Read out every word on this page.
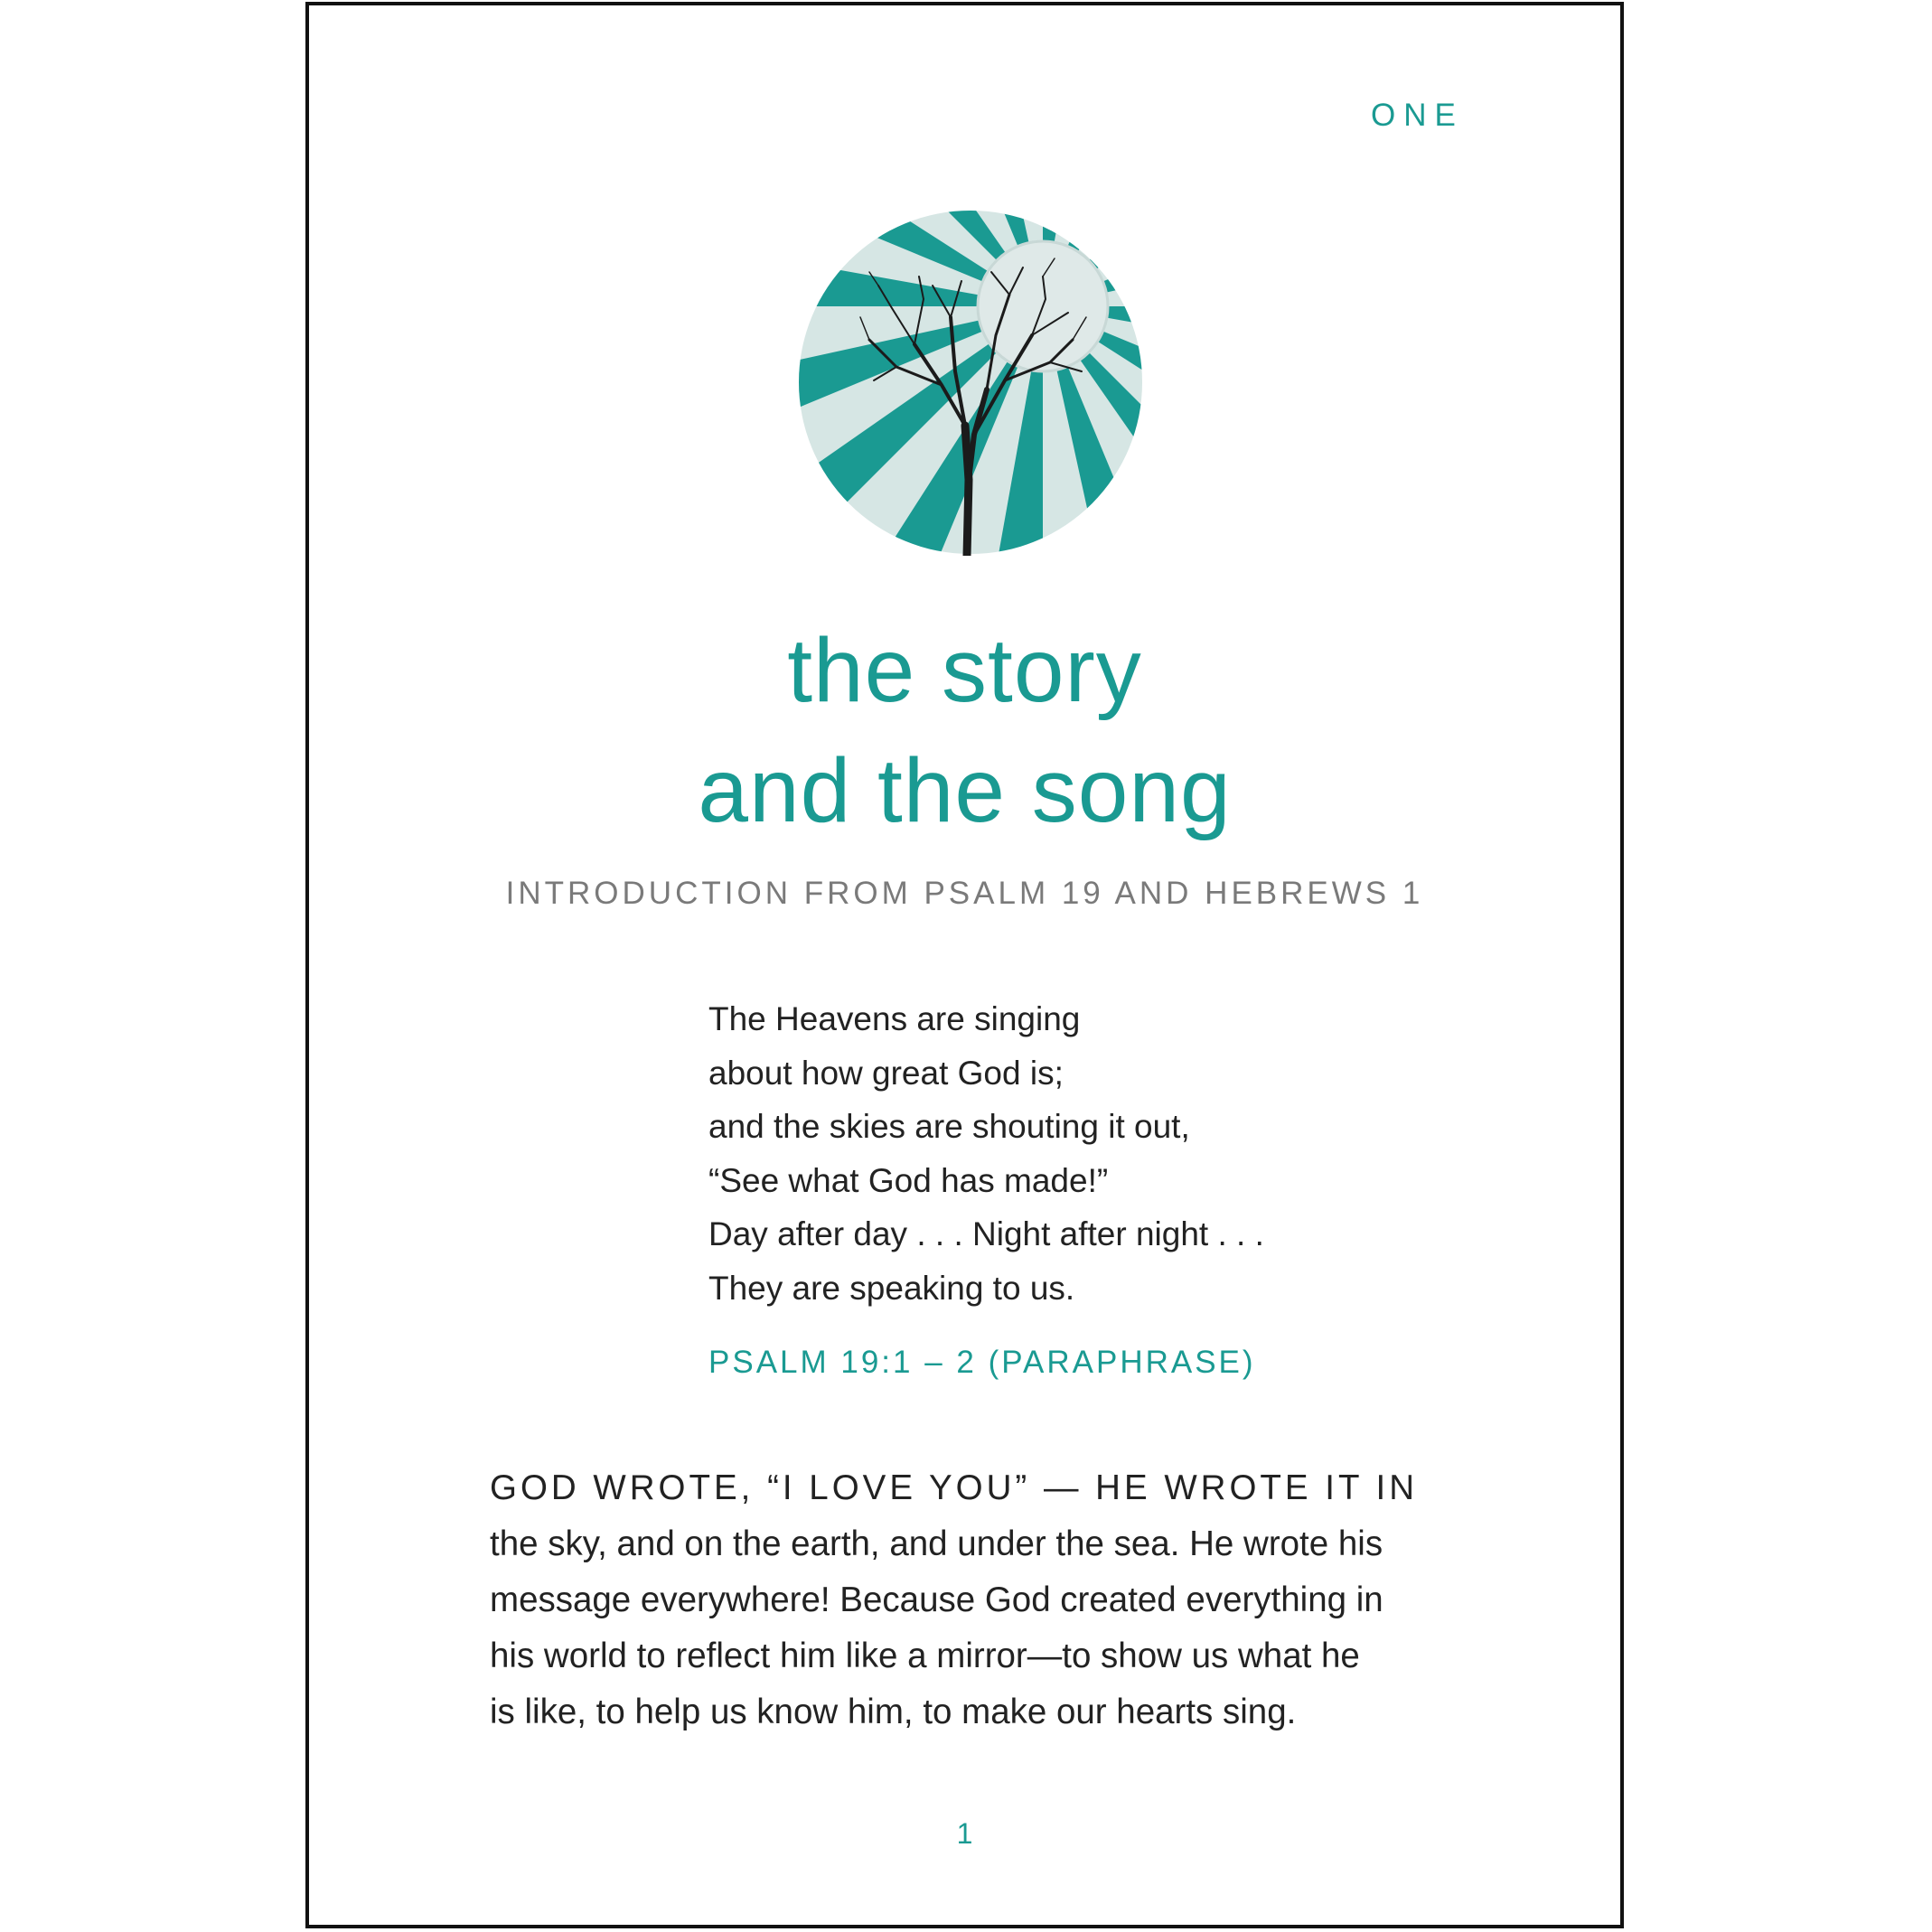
ONE
the story
and the song
INTRODUCTION FROM PSALM 19 AND HEBREWS 1
The Heavens are singing
about how great God is;
and the skies are shouting it out,
“See what God has made!”
Day after day . . . Night after night . . .
They are speaking to us.
PSALM 19:1 – 2 (PARAPHRASE)
GOD WROTE, “I LOVE YOU” — HE WROTE IT IN
the sky, and on the earth, and under the sea. He wrote his
message everywhere! Because God created everything in
his world to reflect him like a mirror—to show us what he
is like, to help us know him, to make our hearts sing.
1
